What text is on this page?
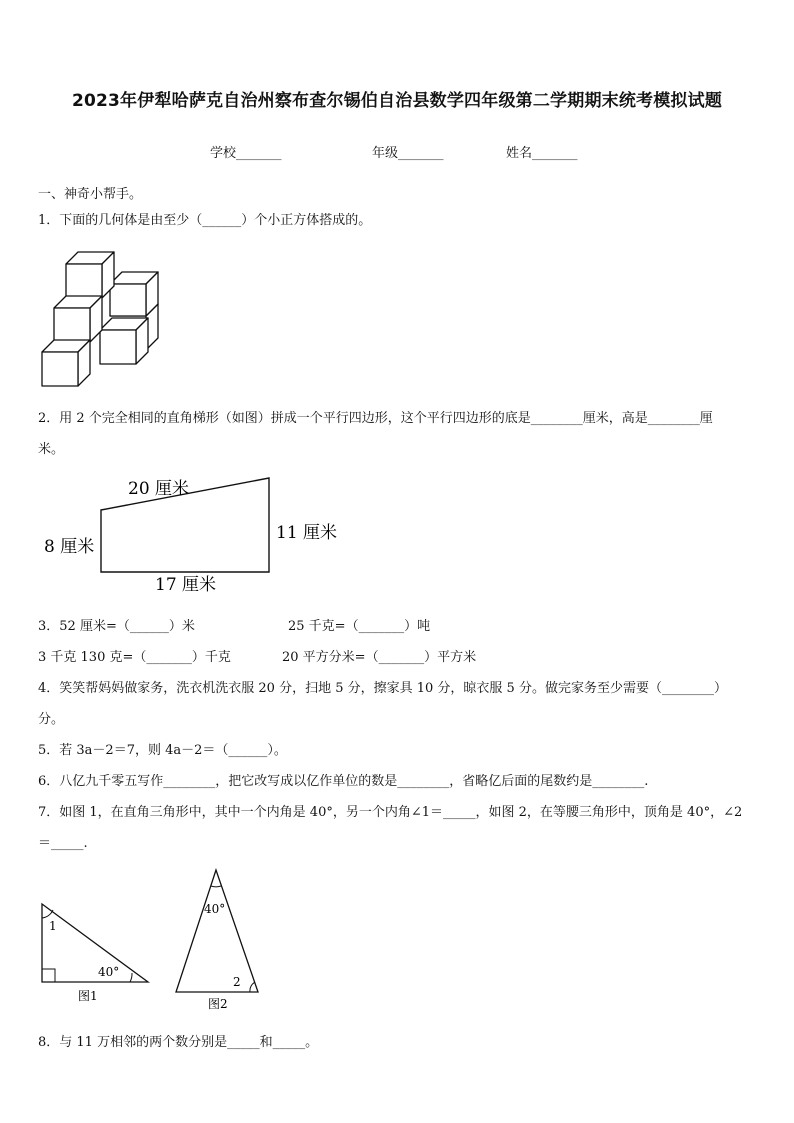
2023年伊犁哈萨克自治州察布查尔锡伯自治县数学四年级第二学期期末统考模拟试题
学校_______	年级_______	姓名_______
一、神奇小帮手。
1．下面的几何体是由至少（______）个小正方体搭成的。
2．用 2 个完全相同的直角梯形（如图）拼成一个平行四边形，这个平行四边形的底是________厘米，高是________厘
米。
20 厘米
8 厘米
11 厘米
17 厘米
3．52 厘米=（______）米	25 千克=（_______）吨
3 千克 130 克=（_______）千克	20 平方分米=（_______）平方米
4．笑笑帮妈妈做家务，洗衣机洗衣服 20 分，扫地 5 分，擦家具 10 分，晾衣服 5 分。做完家务至少需要（________）
分。
5．若 3a－2＝7，则 4a－2＝（______）。
6．八亿九千零五写作________，把它改写成以亿作单位的数是________，省略亿后面的尾数约是________.
7．如图 1，在直角三角形中，其中一个内角是 40°，另一个内角∠1＝_____，如图 2，在等腰三角形中，顶角是 40°，∠2
＝_____.
1
40°
图1
40°
2
图2
8．与 11 万相邻的两个数分别是_____和_____。
